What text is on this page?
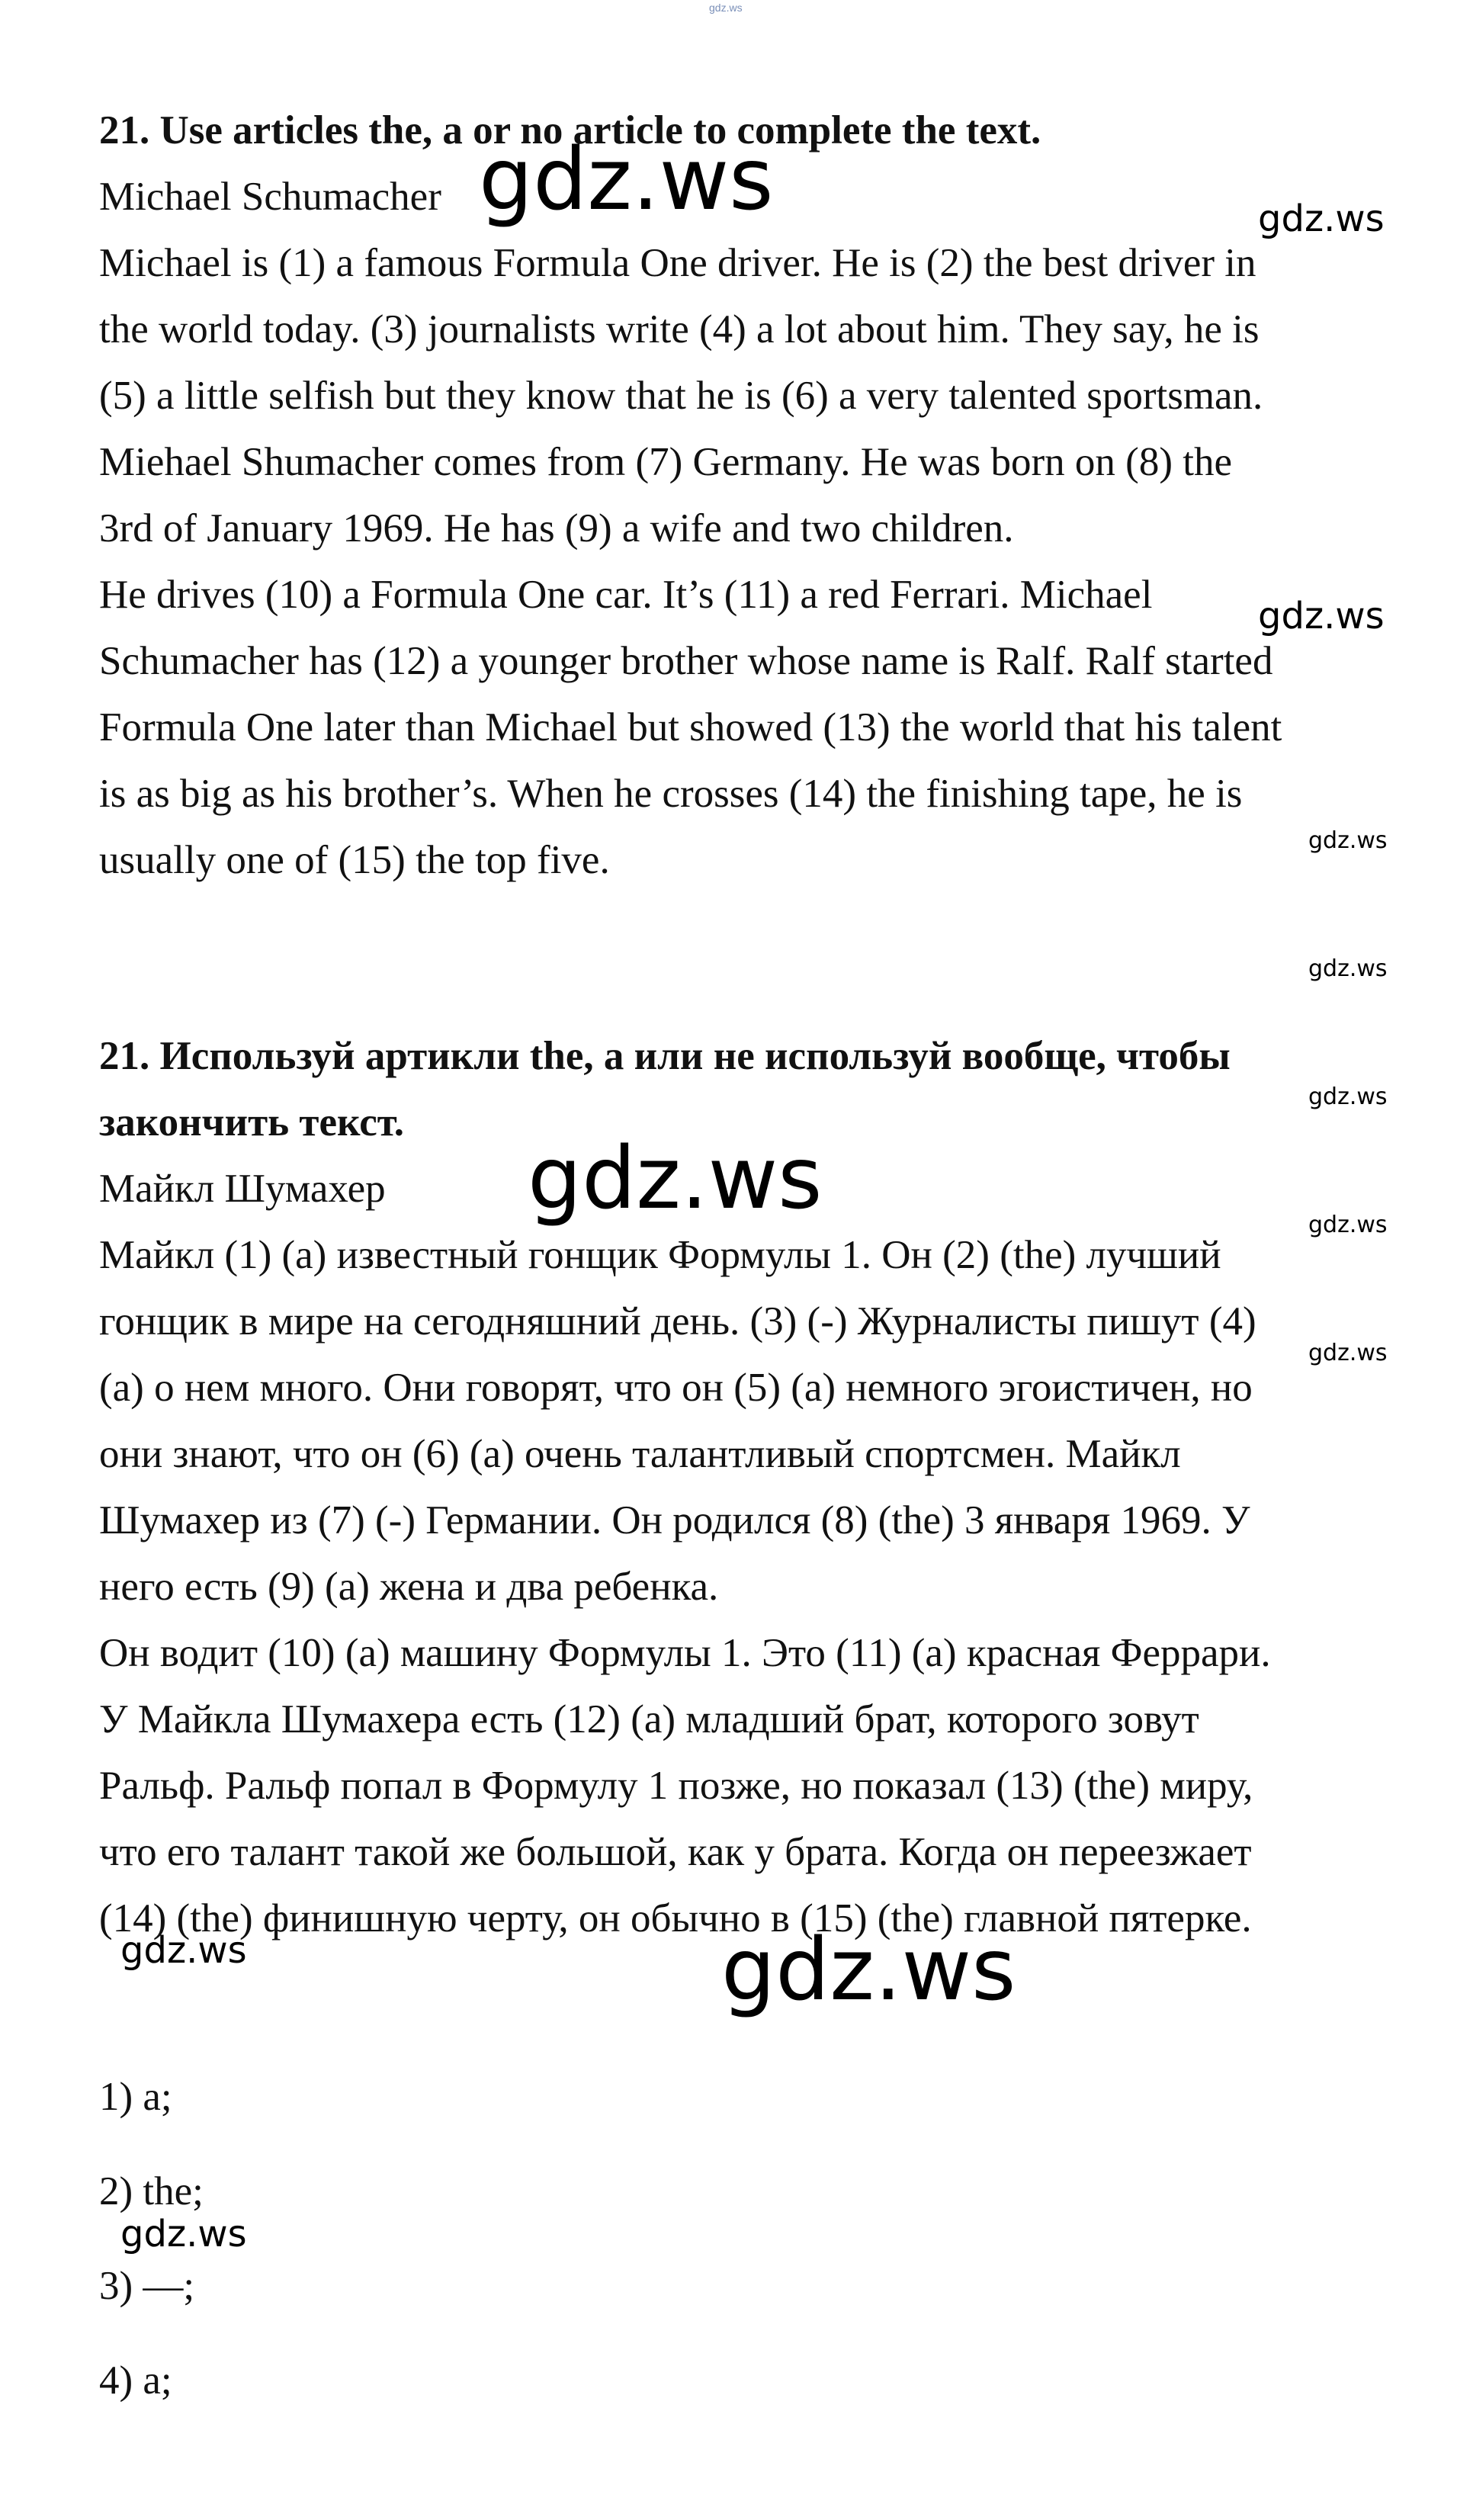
gdz.ws
21. Use articles the, a or no article to complete the text.
Michael Schumacher
Michael is (1) a famous Formula One driver. He is (2) the best driver in
the world today. (3) journalists write (4) a lot about him. They say, he is
(5) a little selfish but they know that he is (6) a very talented sportsman.
Miehael Shumacher comes from (7) Germany. He was born on (8) the
3rd of January 1969. He has (9) a wife and two children.
He drives (10) a Formula One car. It’s (11) a red Ferrari. Michael
Schumacher has (12) a younger brother whose name is Ralf. Ralf started
Formula One later than Michael but showed (13) the world that his talent
is as big as his brother’s. When he crosses (14) the finishing tape, he is
usually one of (15) the top five.
21. Используй артикли the, a или не используй вообще, чтобы
закончить текст.
Майкл Шумахер
Майкл (1) (a) известный гонщик Формулы 1. Он (2) (the) лучший
гонщик в мире на сегодняшний день. (3) (-) Журналисты пишут (4)
(a) о нем много. Они говорят, что он (5) (a) немного эгоистичен, но
они знают, что он (6) (a) очень талантливый спортсмен. Майкл
Шумахер из (7) (-) Германии. Он родился (8) (the) 3 января 1969. У
него есть (9) (a) жена и два ребенка.
Он водит (10) (a) машину Формулы 1. Это (11) (a) красная Феррари.
У Майкла Шумахера есть (12) (a) младший брат, которого зовут
Ральф. Ральф попал в Формулу 1 позже, но показал (13) (the) миру,
что его талант такой же большой, как у брата. Когда он переезжает
(14) (the) финишную черту, он обычно в (15) (the) главной пятерке.
1) a;
2) the;
3) —;
4) a;
gdz.ws	gdz.ws
gdz.ws
gdz.ws
gdz.ws
gdz.ws
gdz.ws	gdz.ws
gdz.ws
gdz.ws	gdz.ws
gdz.ws
